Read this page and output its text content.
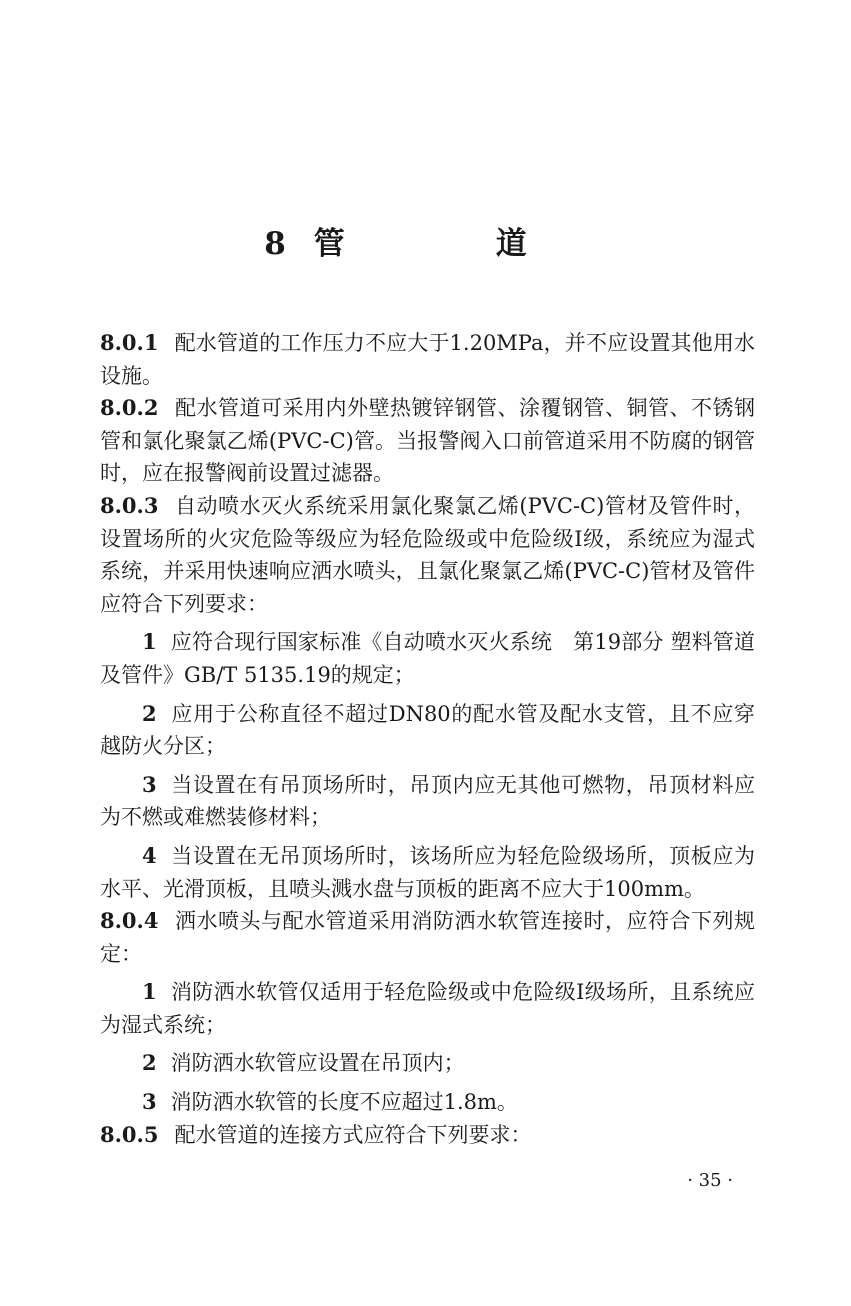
8 管　道

8.0.1 配水管道的工作压力不应大于1.20MPa，并不应设置其他用水设施。

8.0.2 配水管道可采用内外壁热镀锌钢管、涂覆钢管、铜管、不锈钢管和氯化聚氯乙烯(PVC-C)管。当报警阀入口前管道采用不防腐的钢管时，应在报警阀前设置过滤器。

8.0.3 自动喷水灭火系统采用氯化聚氯乙烯(PVC-C)管材及管件时，设置场所的火灾危险等级应为轻危险级或中危险级I级，系统应为湿式系统，并采用快速响应洒水喷头，且氯化聚氯乙烯(PVC-C)管材及管件应符合下列要求：

1 应符合现行国家标准《自动喷水灭火系统　第19部分 塑料管道及管件》GB/T 5135.19的规定；

2 应用于公称直径不超过DN80的配水管及配水支管，且不应穿越防火分区；

3 当设置在有吊顶场所时，吊顶内应无其他可燃物，吊顶材料应为不燃或难燃装修材料；

4 当设置在无吊顶场所时，该场所应为轻危险级场所，顶板应为水平、光滑顶板，且喷头溅水盘与顶板的距离不应大于100mm。

8.0.4 洒水喷头与配水管道采用消防洒水软管连接时，应符合下列规定：

1 消防洒水软管仅适用于轻危险级或中危险级Ⅰ级场所，且系统应为湿式系统；

2 消防洒水软管应设置在吊顶内；

3 消防洒水软管的长度不应超过1.8m。

8.0.5 配水管道的连接方式应符合下列要求：

· 35 ·
